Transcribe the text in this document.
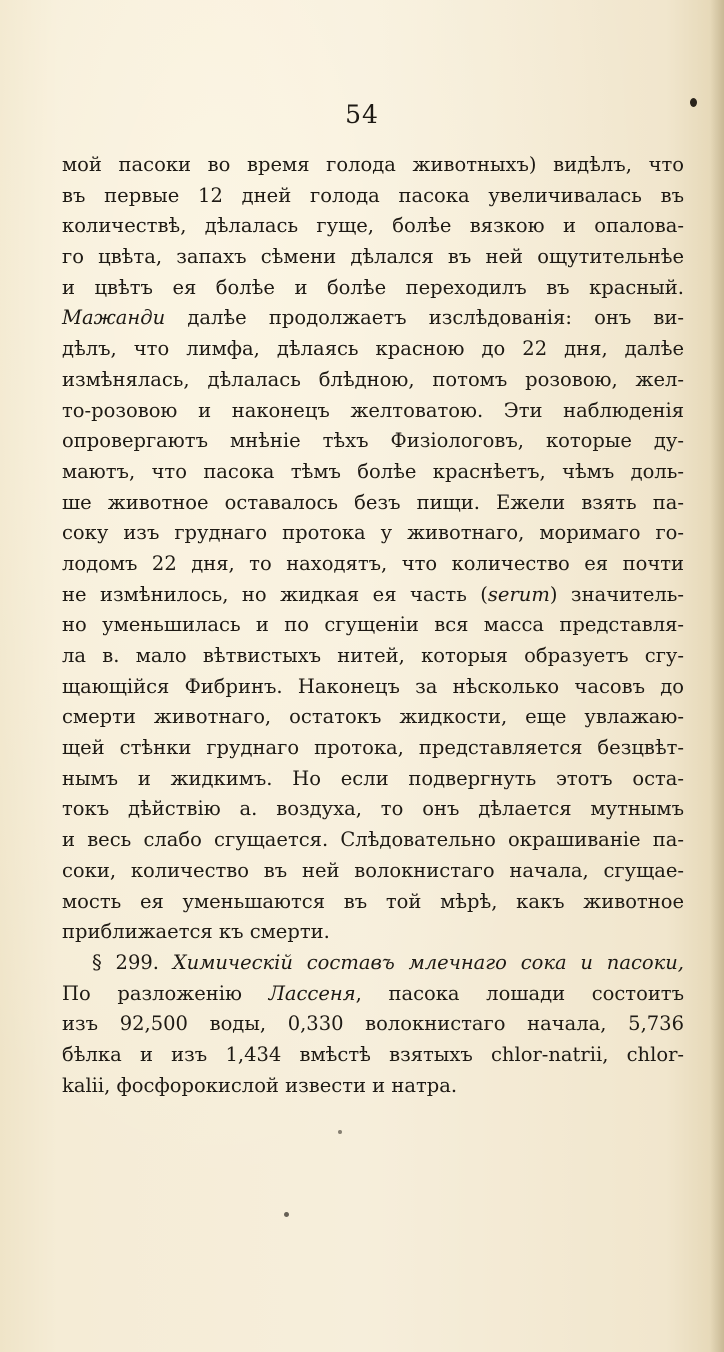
54
мой пасоки во время голода животныхъ) видѣлъ, что
въ первые 12 дней голода пасока увеличивалась въ
количествѣ, дѣлалась гуще, болѣе вязкою и опалова-
го цвѣта, запахъ сѣмени дѣлался въ ней ощутительнѣе
и цвѣтъ ея болѣе и болѣе переходилъ въ красный.
Мажанди далѣе продолжаетъ изслѣдованія: онъ ви-
дѣлъ, что лимфа, дѣлаясь красною до 22 дня, далѣе
измѣнялась, дѣлалась блѣдною, потомъ розовою, жел-
то-розовою и наконецъ желтоватою. Эти наблюденія
опровергаютъ мнѣніе тѣхъ Физіологовъ, которые ду-
маютъ, что пасока тѣмъ болѣе краснѣетъ, чѣмъ доль-
ше животное оставалось безъ пищи. Ежели взять па-
соку изъ груднаго протока у животнаго, моримаго го-
лодомъ 22 дня, то находятъ, что количество ея почти
не измѣнилось, но жидкая ея часть (serum) значитель-
но уменьшилась и по сгущеніи вся масса представля-
ла в. мало вѣтвистыхъ нитей, которыя образуетъ сгу-
щающійся Фибринъ. Наконецъ за нѣсколько часовъ до
смерти животнаго, остатокъ жидкости, еще увлажаю-
щей стѣнки груднаго протока, представляется безцвѣт-
нымъ и жидкимъ. Но если подвергнуть этотъ оста-
токъ дѣйствію а. воздуха, то онъ дѣлается мутнымъ
и весь слабо сгущается. Слѣдовательно окрашиваніе па-
соки, количество въ ней волокнистаго начала, сгущае-
мость ея уменьшаются въ той мѣрѣ, какъ животное
приближается къ смерти.
§ 299. Химическій составъ млечнаго сока и пасоки,
По разложенію Лассеня, пасока лошади состоитъ
изъ 92,500 воды, 0,330 волокнистаго начала, 5,736
бѣлка и изъ 1,434 вмѣстѣ взятыхъ chlor-natrii, chlor-
kalii, фосфорокислой извести и натра.
